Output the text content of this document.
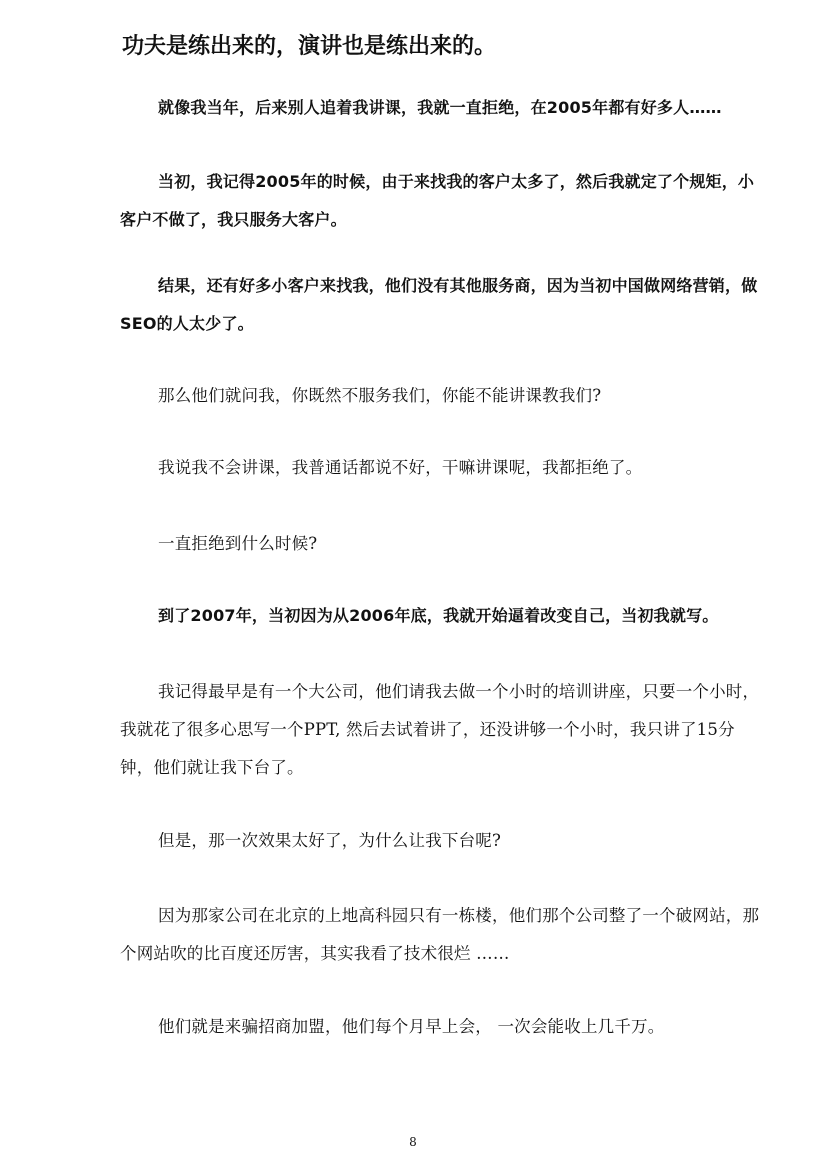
功夫是练出来的，演讲也是练出来的。

就像我当年，后来别人追着我讲课，我就一直拒绝，在2005年都有好多人……

当初，我记得2005年的时候，由于来找我的客户太多了，然后我就定了个规矩，小客户不做了，我只服务大客户。

结果，还有好多小客户来找我，他们没有其他服务商，因为当初中国做网络营销，做SEO的人太少了。

那么他们就问我，你既然不服务我们，你能不能讲课教我们?

我说我不会讲课，我普通话都说不好，干嘛讲课呢，我都拒绝了。

一直拒绝到什么时候?

到了2007年，当初因为从2006年底，我就开始逼着改变自己，当初我就写。

我记得最早是有一个大公司，他们请我去做一个小时的培训讲座，只要一个小时，我就花了很多心思写一个PPT, 然后去试着讲了，还没讲够一个小时，我只讲了15分钟，他们就让我下台了。

但是，那一次效果太好了，为什么让我下台呢?

因为那家公司在北京的上地高科园只有一栋楼，他们那个公司整了一个破网站，那个网站吹的比百度还厉害，其实我看了技术很烂 ……

他们就是来骗招商加盟，他们每个月早上会， 一次会能收上几千万。

8
